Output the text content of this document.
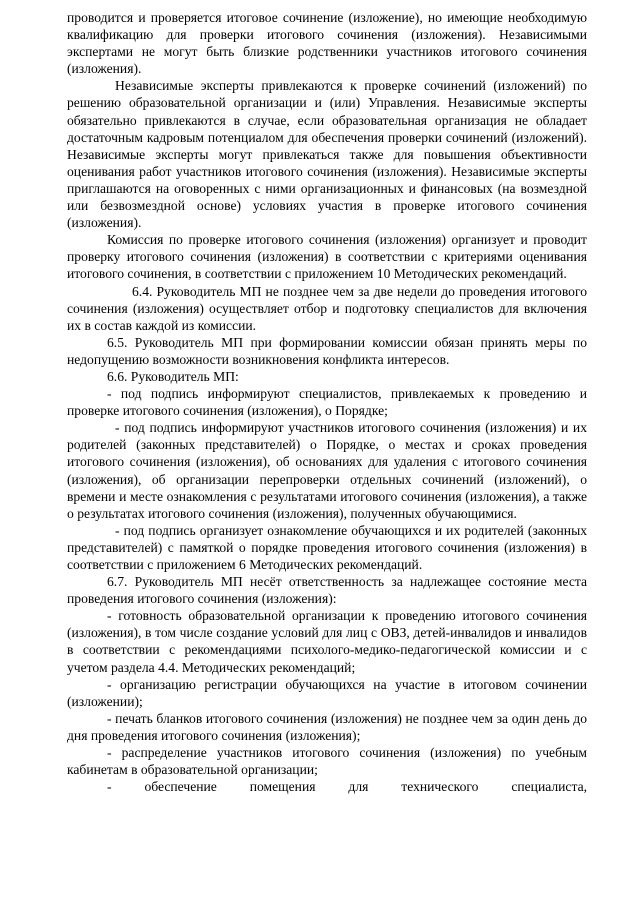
проводится и проверяется итоговое сочинение (изложение), но имеющие необходимую квалификацию для проверки итогового сочинения (изложения). Независимыми экспертами не могут быть близкие родственники участников итогового сочинения (изложения).

Независимые эксперты привлекаются к проверке сочинений (изложений) по решению образовательной организации и (или) Управления. Независимые эксперты обязательно привлекаются в случае, если образовательная организация не обладает достаточным кадровым потенциалом для обеспечения проверки сочинений (изложений). Независимые эксперты могут привлекаться также для повышения объективности оценивания работ участников итогового сочинения (изложения). Независимые эксперты приглашаются на оговоренных с ними организационных и финансовых (на возмездной или безвозмездной основе) условиях участия в проверке итогового сочинения (изложения).

Комиссия по проверке итогового сочинения (изложения) организует и проводит проверку итогового сочинения (изложения) в соответствии с критериями оценивания итогового сочинения, в соответствии с приложением 10 Методических рекомендаций.

6.4. Руководитель МП не позднее чем за две недели до проведения итогового сочинения (изложения) осуществляет отбор и подготовку специалистов для включения их в состав каждой из комиссии.

6.5. Руководитель МП при формировании комиссии обязан принять меры по недопущению возможности возникновения конфликта интересов.

6.6. Руководитель МП:

- под подпись информируют специалистов, привлекаемых к проведению и проверке итогового сочинения (изложения), о Порядке;

- под подпись информируют участников итогового сочинения (изложения) и их родителей (законных представителей) о Порядке, о местах и сроках проведения итогового сочинения (изложения), об основаниях для удаления с итогового сочинения (изложения), об организации перепроверки отдельных сочинений (изложений), о времени и месте ознакомления с результатами итогового сочинения (изложения), а также о результатах итогового сочинения (изложения), полученных обучающимися.

- под подпись организует ознакомление обучающихся и их родителей (законных представителей) с памяткой о порядке проведения итогового сочинения (изложения) в соответствии с приложением 6 Методических рекомендаций.

6.7. Руководитель МП несёт ответственность за надлежащее состояние места проведения итогового сочинения (изложения):

- готовность образовательной организации к проведению итогового сочинения (изложения), в том числе создание условий для лиц с ОВЗ, детей-инвалидов и инвалидов в соответствии с рекомендациями психолого-медико-педагогической комиссии и с учетом раздела 4.4. Методических рекомендаций;

- организацию регистрации обучающихся на участие в итоговом сочинении (изложении);

- печать бланков итогового сочинения (изложения) не позднее чем за один день до дня проведения итогового сочинения (изложения);

- распределение участников итогового сочинения (изложения) по учебным кабинетам в образовательной организации;

- обеспечение помещения для технического специалиста,
